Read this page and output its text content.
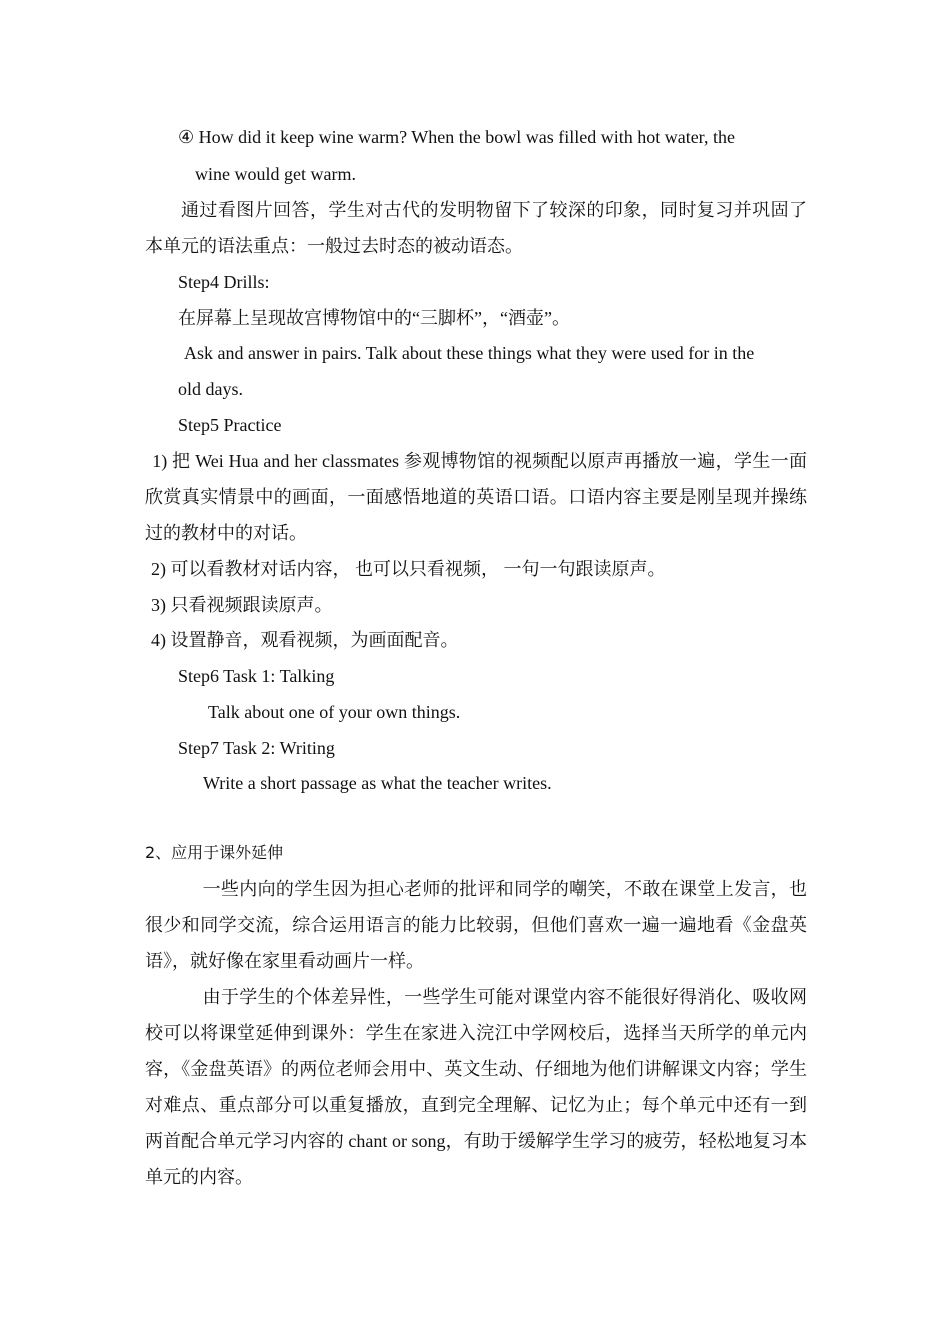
④ How did it keep wine warm? When the bowl was filled with hot water, the
wine would get warm.
通过看图片回答，学生对古代的发明物留下了较深的印象，同时复习并巩固了本单元的语法重点：一般过去时态的被动语态。
Step4 Drills:
在屏幕上呈现故宫博物馆中的“三脚杯”，“酒壶”。
Ask and answer in pairs. Talk about these things what they were used for in the
old days.
Step5 Practice
1) 把 Wei Hua and her classmates 参观博物馆的视频配以原声再播放一遍，学生一面欣赏真实情景中的画面，一面感悟地道的英语口语。口语内容主要是刚呈现并操练过的教材中的对话。
2) 可以看教材对话内容， 也可以只看视频， 一句一句跟读原声。
3) 只看视频跟读原声。
4) 设置静音，观看视频，为画面配音。
Step6 Task 1: Talking
Talk about one of your own things.
Step7 Task 2: Writing
Write a short passage as what the teacher writes.
2、应用于课外延伸
一些内向的学生因为担心老师的批评和同学的嘲笑，不敢在课堂上发言，也很少和同学交流，综合运用语言的能力比较弱，但他们喜欢一遍一遍地看《金盘英语》，就好像在家里看动画片一样。
由于学生的个体差异性，一些学生可能对课堂内容不能很好得消化、吸收网校可以将课堂延伸到课外：学生在家进入浣江中学网校后，选择当天所学的单元内容，《金盘英语》的两位老师会用中、英文生动、仔细地为他们讲解课文内容；学生对难点、重点部分可以重复播放，直到完全理解、记忆为止；每个单元中还有一到两首配合单元学习内容的 chant or song，有助于缓解学生学习的疲劳，轻松地复习本单元的内容。
